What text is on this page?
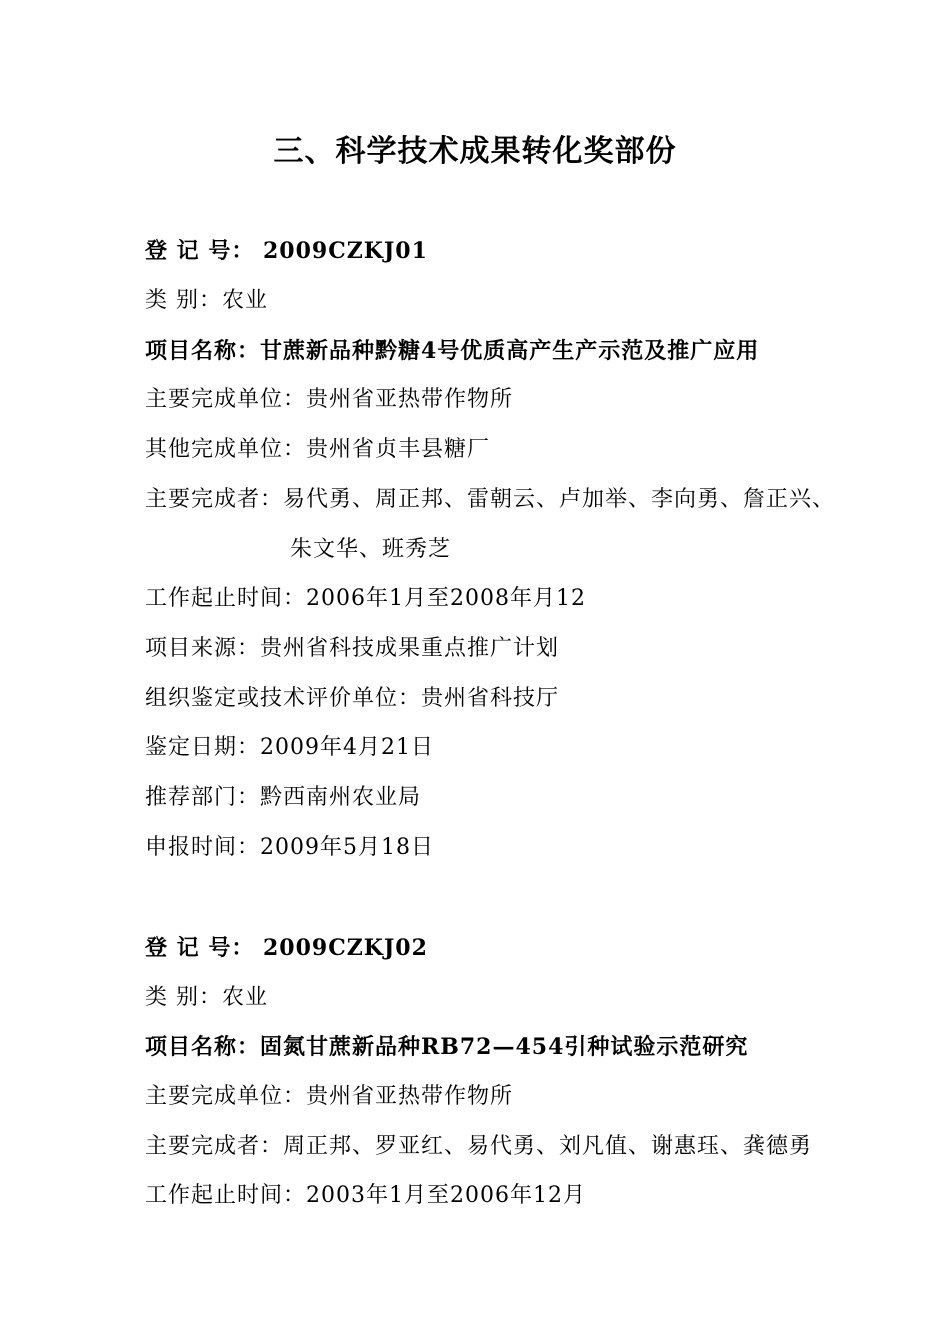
三、科学技术成果转化奖部份
登 记 号： 2009CZKJ01
类 别：农业
项目名称：甘蔗新品种黔糖4号优质高产生产示范及推广应用
主要完成单位：贵州省亚热带作物所
其他完成单位：贵州省贞丰县糖厂
主要完成者：易代勇、周正邦、雷朝云、卢加举、李向勇、詹正兴、
朱文华、班秀芝
工作起止时间：2006年1月至2008年月12
项目来源：贵州省科技成果重点推广计划
组织鉴定或技术评价单位：贵州省科技厅
鉴定日期：2009年4月21日
推荐部门：黔西南州农业局
申报时间：2009年5月18日
登 记 号： 2009CZKJ02
类 别：农业
项目名称：固氮甘蔗新品种RB72—454引种试验示范研究
主要完成单位：贵州省亚热带作物所
主要完成者：周正邦、罗亚红、易代勇、刘凡值、谢惠珏、龚德勇
工作起止时间：2003年1月至2006年12月
